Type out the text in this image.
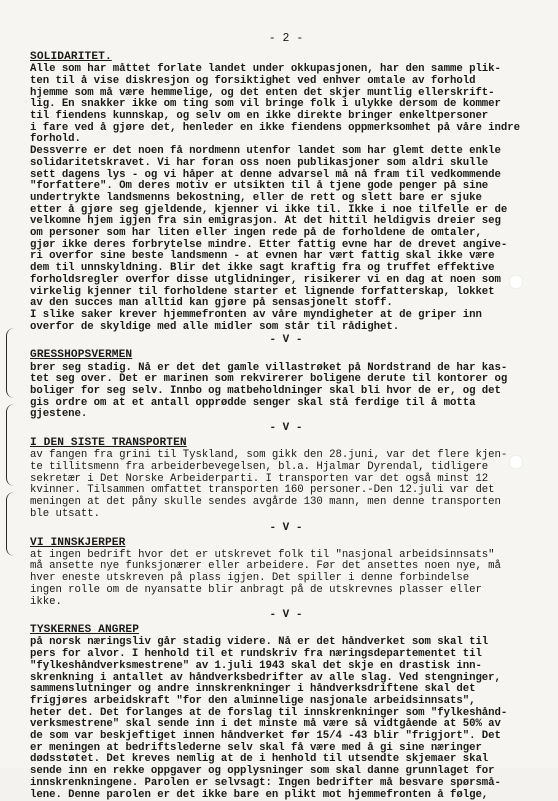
- 2 -
SOLIDARITET.

Alle som har måttet forlate landet under okkupasjonen, har den samme plik-

ten til å vise diskresjon og forsiktighet ved enhver omtale av forhold

hjemme som må være hemmelige, og det enten det skjer muntlig ellerskrift-

lig. En snakker ikke om ting som vil bringe folk i ulykke dersom de kommer

til fiendens kunnskap, og selv om en ikke direkte bringer enkeltpersoner

i fare ved å gjøre det, henleder en ikke fiendens oppmerksomhet på våre indre

forhold.

Dessverre er det noen få nordmenn utenfor landet som har glemt dette enkle

solidaritetskravet. Vi har foran oss noen publikasjoner som aldri skulle

sett dagens lys - og vi håper at denne advarsel må nå fram til vedkommende

"forfattere". Om deres motiv er utsikten til å tjene gode penger på sine

undertrykte landsmenns bekostning, eller de rett og slett bare er sjuke

etter å gjøre seg gjeldende, kjenner vi ikke til. Ikke i noe tilfelle er de

velkomne hjem igjen fra sin emigrasjon. At det hittil heldigvis dreier seg

om personer som har liten eller ingen rede på de forholdene de omtaler,

gjør ikke deres forbrytelse mindre. Etter fattig evne har de drevet angive-

ri overfor sine beste landsmenn - at evnen har vært fattig skal ikke være

dem til unnskyldning. Blir det ikke sagt kraftig fra og truffet effektive

forholdsregler overfor disse utglidninger, risikerer vi en dag at noen som

virkelig kjenner til forholdene starter et lignende forfatterskap, lokket

av den succes man alltid kan gjøre på sensasjonelt stoff.

I slike saker krever hjemmefronten av våre myndigheter at de griper inn

overfor de skyldige med alle midler som står til rådighet.

- V -
GRESSHOPSVERMEN

brer seg stadig. Nå er det det gamle villastrøket på Nordstrand de har kas-

tet seg over. Det er marinen som rekvirerer boligene derute til kontorer og

boliger for seg selv. Innbo og matbeholdninger skal bli hvor de er, og det

gis ordre om at et antall opprødde senger skal stå ferdige til å motta

gjestene.

- V -
I DEN SISTE TRANSPORTEN

av fangen fra grini til Tyskland, som gikk den 28.juni, var det flere kjen-

te tillitsmenn fra arbeiderbevegelsen, bl.a. Hjalmar Dyrendal, tidligere

sekretær i Det Norske Arbeiderparti. I transporten var det også minst 12

kvinner. Tilsammen omfattet transporten 160 personer.-Den 12.juli var det

meningen at det påny skulle sendes avgårde 130 mann, men denne transporten

ble utsatt.

- V -
VI INNSKJERPER

at ingen bedrift hvor det er utskrevet folk til "nasjonal arbeidsinnsats"

må ansette nye funksjonærer eller arbeidere. Før det ansettes noen nye, må

hver eneste utskreven på plass igjen. Det spiller i denne forbindelse

ingen rolle om de nyansatte blir anbragt på de utskrevnes plasser eller

ikke.

- V -
TYSKERNES ANGREP

på norsk næringsliv går stadig videre. Nå er det håndverket som skal til

pers for alvor. I henhold til et rundskriv fra næringsdepartementet til

"fylkeshåndverksmestrene" av 1.juli 1943 skal det skje en drastisk inn-

skrenkning i antallet av håndverksbedrifter av alle slag. Ved stengninger,

sammenslutninger og andre innskrenkninger i håndverksdriftene skal det

frigjøres arbeidskraft "for den alminnelige nasjonale arbeidsinnsats",

heter det. Det forlanges at de forslag til innskrenkninger som "fylkeshånd-

verksmestrene" skal sende inn i det minste må være så vidtgående at 50% av

de som var beskjeftiget innen håndverket før 15/4 -43 blir "frigjort". Det

er meningen at bedriftslederne selv skal få være med å gi sine næringer

dødsstøtet. Det kreves nemlig at de i henhold til utsendte skjemaer skal

sende inn en rekke oppgaver og opplysninger som skal danne grunnlaget for

innskrenkningene. Parolen er selvsagt: Ingen bedrifter må besvare spørsmå-

lene. Denne parolen er det ikke bare en plikt mot hjemmefronten å følge,
